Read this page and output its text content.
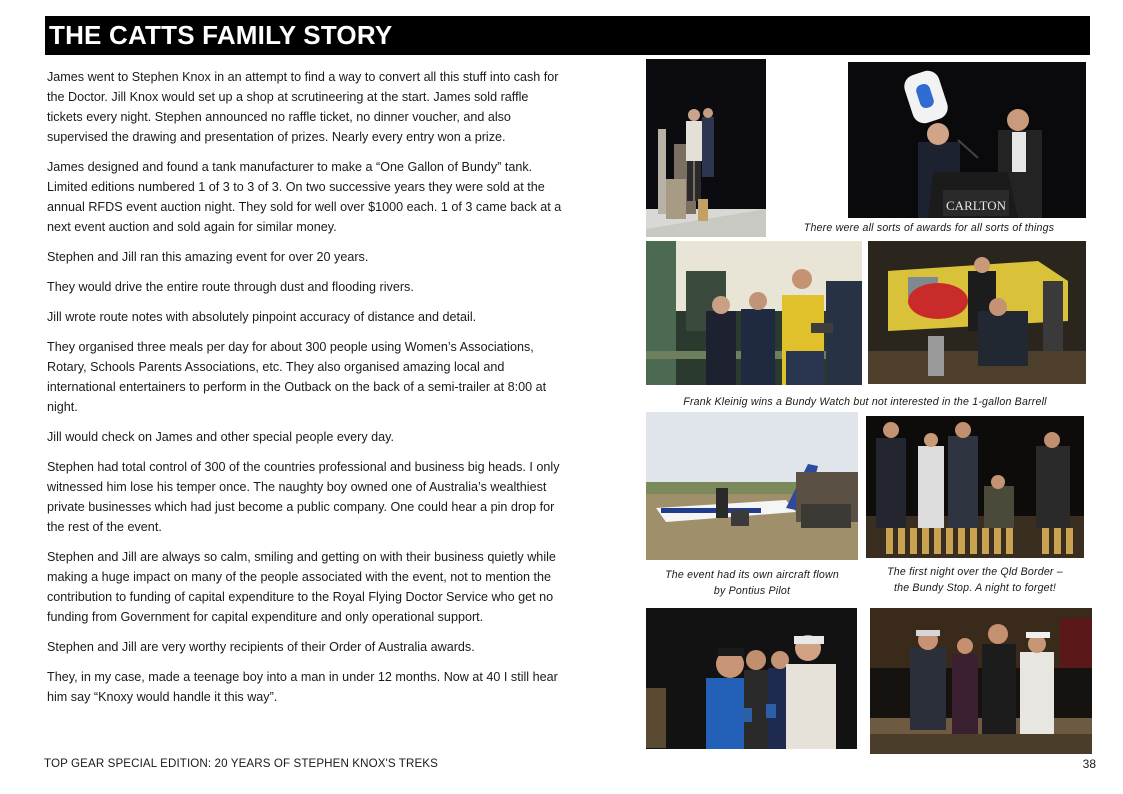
THE CATTS FAMILY STORY

James went to Stephen Knox in an attempt to find a way to convert all this stuff into cash for the Doctor. Jill Knox would set up a shop at scrutineering at the start. James sold raffle tickets every night. Stephen announced no raffle ticket, no dinner voucher, and also supervised the drawing and presentation of prizes. Nearly every entry won a prize.

James designed and found a tank manufacturer to make a “One Gallon of Bundy” tank. Limited editions numbered 1 of 3 to 3 of 3. On two successive years they were sold at the annual RFDS event auction night. They sold for well over $1000 each. 1 of 3 came back at a next event auction and sold again for similar money.

Stephen and Jill ran this amazing event for over 20 years.

They would drive the entire route through dust and flooding rivers.

Jill wrote route notes with absolutely pinpoint accuracy of distance and detail.

They organised three meals per day for about 300 people using Women’s Associations, Rotary, Schools Parents Associations, etc. They also organised amazing local and international entertainers to perform in the Outback on the back of a semi-trailer at 8:00 at night.

Jill would check on James and other special people every day.

Stephen had total control of 300 of the countries professional and business big heads. I only witnessed him lose his temper once. The naughty boy owned one of Australia’s wealthiest private businesses which had just become a public company. One could hear a pin drop for the rest of the event.

Stephen and Jill are always so calm, smiling and getting on with their business quietly while making a huge impact on many of the people associated with the event, not to mention the contribution to funding of capital expenditure to the Royal Flying Doctor Service who get no funding from Government for capital expenditure and only operational support.

Stephen and Jill are very worthy recipients of their Order of Australia awards.

They, in my case, made a teenage boy into a man in under 12 months. Now at 40 I still hear him say “Knoxy would handle it this way”.

CARLTON
There were all sorts of awards for all sorts of things
Frank Kleinig wins a Bundy Watch but not interested in the 1-gallon Barrell
The event had its own aircraft flown
by Pontius Pilot
The first night over the Qld Border –
the Bundy Stop. A night to forget!
TOP GEAR SPECIAL EDITION: 20 YEARS OF STEPHEN KNOX'S TREKS	38
